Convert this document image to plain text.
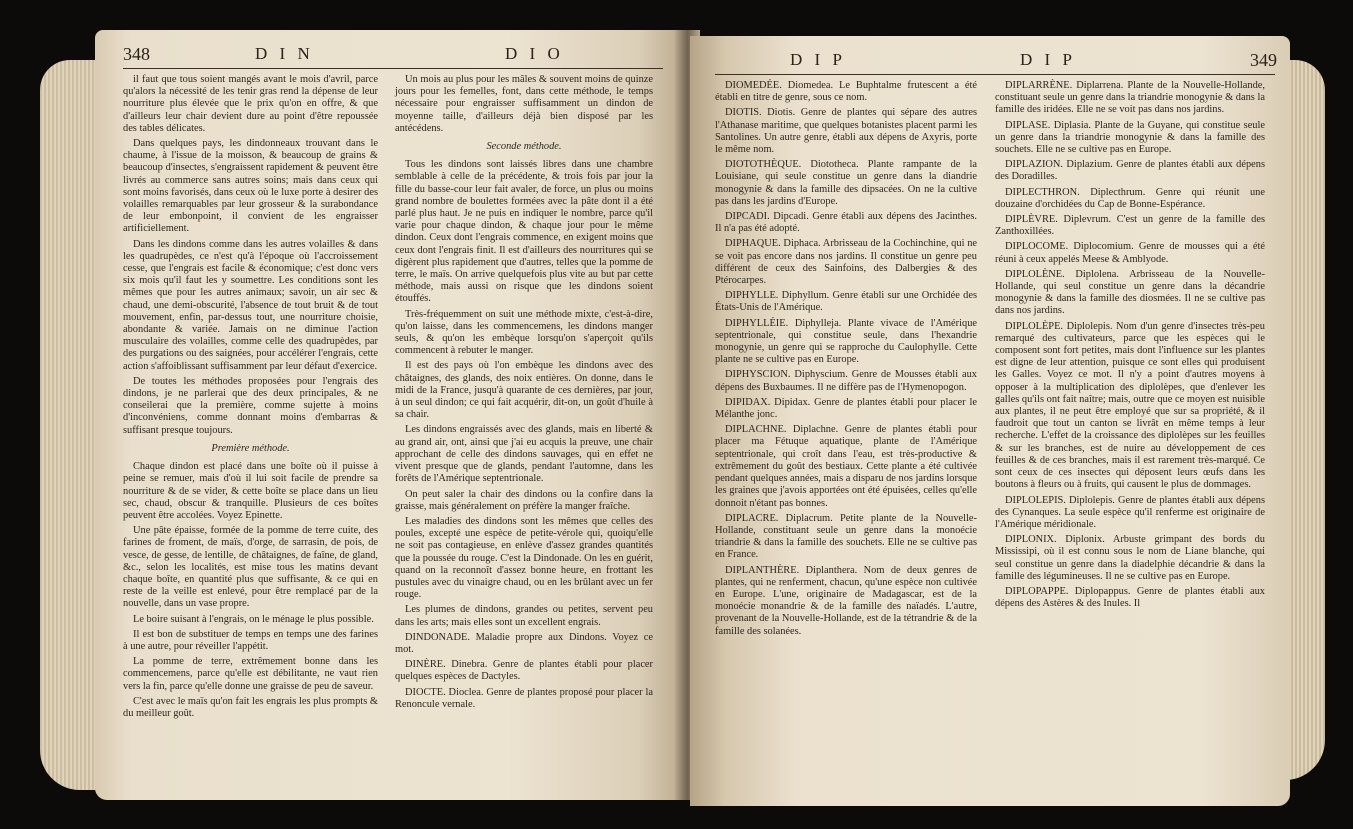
348	D I N	D I O

il faut que tous soient mangés avant le mois d'avril, parce qu'alors la nécessité de les tenir gras rend la dépense de leur nourriture plus élevée que le prix qu'on en offre, & que d'ailleurs leur chair devient dure au point d'être repoussée des tables délicates.

Dans quelques pays, les dindonneaux trouvant dans le chaume, à l'issue de la moisson, & beaucoup de grains & beaucoup d'insectes, s'engraissent rapidement & peuvent être livrés au commerce sans autres soins; mais dans ceux qui sont moins favorisés, dans ceux où le luxe porte à desirer des volailles remarquables par leur grosseur & la surabondance de leur embonpoint, il convient de les engraisser artificiellement.

Dans les dindons comme dans les autres volailles & dans les quadrupèdes, ce n'est qu'à l'époque où l'accroissement cesse, que l'engrais est facile & économique; c'est donc vers six mois qu'il faut les y soumettre. Les conditions sont les mêmes que pour les autres animaux; savoir, un air sec & chaud, une demi-obscurité, l'absence de tout bruit & de tout mouvement, enfin, par-dessus tout, une nourriture choisie, abondante & variée. Jamais on ne diminue l'action musculaire des volailles, comme celle des quadrupèdes, par des purgations ou des saignées, pour accélérer l'engrais, cette action s'affoiblissant suffisamment par leur défaut d'exercice.

De toutes les méthodes proposées pour l'engrais des dindons, je ne parlerai que des deux principales, & ne conseilerai que la première, comme sujette à moins d'inconvéniens, comme donnant moins d'embarras & suffisant presque toujours.

Première méthode.

Chaque dindon est placé dans une boîte où il puisse à peine se remuer, mais d'où il lui soit facile de prendre sa nourriture & de se vider, & cette boîte se place dans un lieu sec, chaud, obscur & tranquille. Plusieurs de ces boîtes peuvent être accolées. Voyez Epinette.

Une pâte épaisse, formée de la pomme de terre cuite, des farines de froment, de maïs, d'orge, de sarrasin, de pois, de vesce, de gesse, de lentille, de châtaignes, de faîne, de gland, &c., selon les localités, est mise tous les matins devant chaque boîte, en quantité plus que suffisante, & ce qui en reste de la veille est enlevé, pour être remplacé par de la nouvelle, dans un vase propre.

Le boire suisant à l'engrais, on le ménage le plus possible.

Il est bon de substituer de temps en temps une des farines à une autre, pour réveiller l'appétit.

La pomme de terre, extrêmement bonne dans les commencemens, parce qu'elle est débilitante, ne vaut rien vers la fin, parce qu'elle donne une graisse de peu de saveur.

C'est avec le maïs qu'on fait les engrais les plus prompts & du meilleur goût.

Un mois au plus pour les mâles & souvent moins de quinze jours pour les femelles, font, dans cette méthode, le temps nécessaire pour engraisser suffisamment un dindon de moyenne taille, d'ailleurs déjà bien disposé par les antécédens.

Seconde méthode.

Tous les dindons sont laissés libres dans une chambre semblable à celle de la précédente, & trois fois par jour la fille du basse-cour leur fait avaler, de force, un plus ou moins grand nombre de boulettes formées avec la pâte dont il a été parlé plus haut. Je ne puis en indiquer le nombre, parce qu'il varie pour chaque dindon, & chaque jour pour le même dindon. Ceux dont l'engrais commence, en exigent moins que ceux dont l'engrais finit. Il est d'ailleurs des nourritures qui se digèrent plus rapidement que d'autres, telles que la pomme de terre, le maïs. On arrive quelquefois plus vite au but par cette méthode, mais aussi on risque que les dindons soient étouffés.

Très-fréquemment on suit une méthode mixte, c'est-à-dire, qu'on laisse, dans les commencemens, les dindons manger seuls, & qu'on les embèque lorsqu'on s'aperçoit qu'ils commencent à rebuter le manger.

Il est des pays où l'on embèque les dindons avec des châtaignes, des glands, des noix entières. On donne, dans le midi de la France, jusqu'à quarante de ces dernières, par jour, à un seul dindon; ce qui fait acquérir, dit-on, un goût d'huile à sa chair.

Les dindons engraissés avec des glands, mais en liberté & au grand air, ont, ainsi que j'ai eu acquis la preuve, une chair approchant de celle des dindons sauvages, qui en effet ne vivent presque que de glands, pendant l'automne, dans les forêts de l'Amérique septentrionale.

On peut saler la chair des dindons ou la confire dans la graisse, mais généralement on préfère la manger fraîche.

Les maladies des dindons sont les mêmes que celles des poules, excepté une espèce de petite-vérole qui, quoiqu'elle ne soit pas contagieuse, en enlève d'assez grandes quantités que la poussée du rouge. C'est la Dindonade. On les en guérit, quand on la reconnoît d'assez bonne heure, en frottant les pustules avec du vinaigre chaud, ou en les brûlant avec un fer rouge.

Les plumes de dindons, grandes ou petites, servent peu dans les arts; mais elles sont un excellent engrais.

DINDONADE. Maladie propre aux Dindons. Voyez ce mot.

DINÈRE. Dinebra. Genre de plantes établi pour placer quelques espèces de Dactyles.

DIOCTE. Dioclea. Genre de plantes proposé pour placer la Renoncule vernale.

D I P	D I P	349

DIOMEDÉE. Diomedea. Le Buphtalme frutescent a été établi en titre de genre, sous ce nom.

DIOTIS. Diotis. Genre de plantes qui sépare des autres l'Athanase maritime, que quelques botanistes placent parmi les Santolines. Un autre genre, établi aux dépens de Axyris, porte le même nom.

DIOTOTHÈQUE. Diototheca. Plante rampante de la Louisiane, qui seule constitue un genre dans la diandrie monogynie & dans la famille des dipsacées. On ne la cultive pas dans les jardins d'Europe.

DIPCADI. Dipcadi. Genre établi aux dépens des Jacinthes. Il n'a pas été adopté.

DIPHAQUE. Diphaca. Arbrisseau de la Cochinchine, qui ne se voit pas encore dans nos jardins. Il constitue un genre peu différent de ceux des Sainfoins, des Dalbergies & des Ptérocarpes.

DIPHYLLE. Diphyllum. Genre établi sur une Orchidée des États-Unis de l'Amérique.

DIPHYLLÉIE. Diphylleja. Plante vivace de l'Amérique septentrionale, qui constitue seule, dans l'hexandrie monogynie, un genre qui se rapproche du Caulophylle. Cette plante ne se cultive pas en Europe.

DIPHYSCION. Diphyscium. Genre de Mousses établi aux dépens des Buxbaumes. Il ne diffère pas de l'Hymenopogon.

DIPIDAX. Dipidax. Genre de plantes établi pour placer le Mélanthe jonc.

DIPLACHNE. Diplachne. Genre de plantes établi pour placer ma Fétuque aquatique, plante de l'Amérique septentrionale, qui croît dans l'eau, est très-productive & extrêmement du goût des bestiaux. Cette plante a été cultivée pendant quelques années, mais a disparu de nos jardins lorsque les graines que j'avois apportées ont été épuisées, celles qu'elle donnoit n'étant pas bonnes.

DIPLACRE. Diplacrum. Petite plante de la Nouvelle-Hollande, constituant seule un genre dans la monoécie triandrie & dans la famille des souchets. Elle ne se cultive pas en France.

DIPLANTHÈRE. Diplanthera. Nom de deux genres de plantes, qui ne renferment, chacun, qu'une espèce non cultivée en Europe. L'une, originaire de Madagascar, est de la monoécie monandrie & de la famille des naïadés. L'autre, provenant de la Nouvelle-Hollande, est de la tétrandrie & de la famille des solanées.

DIPLARRÈNE. Diplarrena. Plante de la Nouvelle-Hollande, constituant seule un genre dans la triandrie monogynie & dans la famille des iridées. Elle ne se voit pas dans nos jardins.

DIPLASE. Diplasia. Plante de la Guyane, qui constitue seule un genre dans la triandrie monogynie & dans la famille des souchets. Elle ne se cultive pas en Europe.

DIPLAZION. Diplazium. Genre de plantes établi aux dépens des Doradilles.

DIPLECTHRON. Diplecthrum. Genre qui réunit une douzaine d'orchidées du Cap de Bonne-Espérance.

DIPLÈVRE. Diplevrum. C'est un genre de la famille des Zanthoxillées.

DIPLOCOME. Diplocomium. Genre de mousses qui a été réuni à ceux appelés Meese & Amblyode.

DIPLOLÈNE. Diplolena. Arbrisseau de la Nouvelle-Hollande, qui seul constitue un genre dans la décandrie monogynie & dans la famille des diosmées. Il ne se cultive pas dans nos jardins.

DIPLOLÈPE. Diplolepis. Nom d'un genre d'insectes très-peu remarqué des cultivateurs, parce que les espèces qui le composent sont fort petites, mais dont l'influence sur les plantes est digne de leur attention, puisque ce sont elles qui produisent les Galles. Voyez ce mot. Il n'y a point d'autres moyens à opposer à la multiplication des diplolèpes, que d'enlever les galles qu'ils ont fait naître; mais, outre que ce moyen est nuisible aux plantes, il ne peut être employé que sur sa propriété, & il faudroit que tout un canton se livrât en même temps à leur recherche. L'effet de la croissance des diplolèpes sur les feuilles & sur les branches, est de nuire au développement de ces feuilles & de ces branches, mais il est rarement très-marqué. Ce sont ceux de ces insectes qui déposent leurs œufs dans les boutons à fleurs ou à fruits, qui causent le plus de dommages.

DIPLOLEPIS. Diplolepis. Genre de plantes établi aux dépens des Cynanques. La seule espèce qu'il renferme est originaire de l'Amérique méridionale.

DIPLONIX. Diplonix. Arbuste grimpant des bords du Mississipi, où il est connu sous le nom de Liane blanche, qui seul constitue un genre dans la diadelphie décandrie & dans la famille des légumineuses. Il ne se cultive pas en Europe.

DIPLOPAPPE. Diplopappus. Genre de plantes établi aux dépens des Astères & des Inules. Il
